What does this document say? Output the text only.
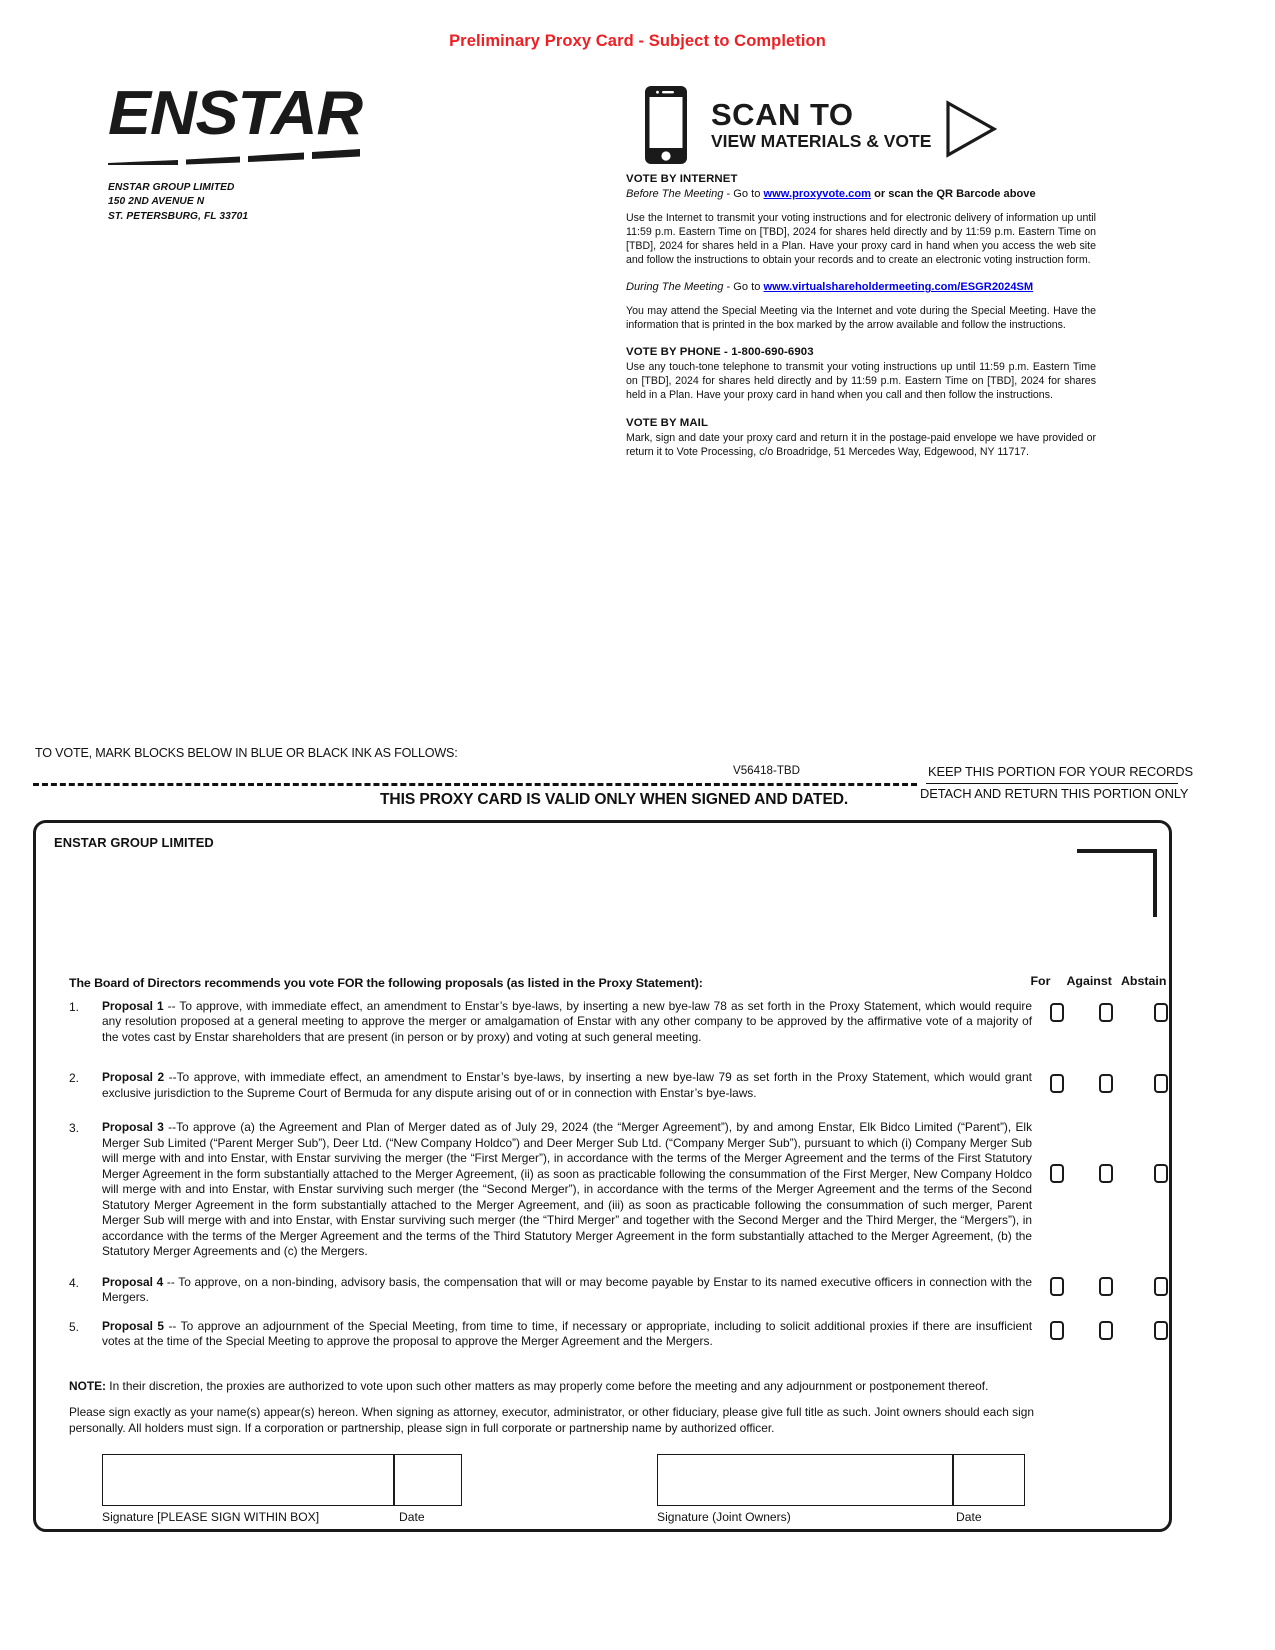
Preliminary Proxy Card - Subject to Completion
ENSTAR
ENSTAR GROUP LIMITED
150 2ND AVENUE N
ST. PETERSBURG, FL 33701
SCAN TO
VIEW MATERIALS & VOTE
VOTE BY INTERNET
Before The Meeting - Go to www.proxyvote.com or scan the QR Barcode above
Use the Internet to transmit your voting instructions and for electronic delivery of information up until 11:59 p.m. Eastern Time on [TBD], 2024 for shares held directly and by 11:59 p.m. Eastern Time on [TBD], 2024 for shares held in a Plan. Have your proxy card in hand when you access the web site and follow the instructions to obtain your records and to create an electronic voting instruction form.
During The Meeting - Go to www.virtualshareholdermeeting.com/ESGR2024SM
You may attend the Special Meeting via the Internet and vote during the Special Meeting. Have the information that is printed in the box marked by the arrow available and follow the instructions.
VOTE BY PHONE - 1-800-690-6903
Use any touch-tone telephone to transmit your voting instructions up until 11:59 p.m. Eastern Time on [TBD], 2024 for shares held directly and by 11:59 p.m. Eastern Time on [TBD], 2024 for shares held in a Plan. Have your proxy card in hand when you call and then follow the instructions.
VOTE BY MAIL
Mark, sign and date your proxy card and return it in the postage-paid envelope we have provided or return it to Vote Processing, c/o Broadridge, 51 Mercedes Way, Edgewood, NY 11717.
TO VOTE, MARK BLOCKS BELOW IN BLUE OR BLACK INK AS FOLLOWS:
V56418-TBD	KEEP THIS PORTION FOR YOUR RECORDS
DETACH AND RETURN THIS PORTION ONLY
THIS PROXY CARD IS VALID ONLY WHEN SIGNED AND DATED.
ENSTAR GROUP LIMITED
The Board of Directors recommends you vote FOR the following proposals (as listed in the Proxy Statement):	For	Against Abstain
1.	Proposal 1 -- To approve, with immediate effect, an amendment to Enstar’s bye-laws, by inserting a new bye-law 78 as set forth in the Proxy Statement, which would require any resolution proposed at a general meeting to approve the merger or amalgamation of Enstar with any other company to be approved by the affirmative vote of a majority of the votes cast by Enstar shareholders that are present (in person or by proxy) and voting at such general meeting.
2.	Proposal 2 --To approve, with immediate effect, an amendment to Enstar’s bye-laws, by inserting a new bye-law 79 as set forth in the Proxy Statement, which would grant exclusive jurisdiction to the Supreme Court of Bermuda for any dispute arising out of or in connection with Enstar’s bye-laws.
3.	Proposal 3 --To approve (a) the Agreement and Plan of Merger dated as of July 29, 2024 (the “Merger Agreement”), by and among Enstar, Elk Bidco Limited (“Parent”), Elk Merger Sub Limited (“Parent Merger Sub”), Deer Ltd. (“New Company Holdco”) and Deer Merger Sub Ltd. (“Company Merger Sub”), pursuant to which (i) Company Merger Sub will merge with and into Enstar, with Enstar surviving the merger (the “First Merger”), in accordance with the terms of the Merger Agreement and the terms of the First Statutory Merger Agreement in the form substantially attached to the Merger Agreement, (ii) as soon as practicable following the consummation of the First Merger, New Company Holdco will merge with and into Enstar, with Enstar surviving such merger (the “Second Merger”), in accordance with the terms of the Merger Agreement and the terms of the Second Statutory Merger Agreement in the form substantially attached to the Merger Agreement, and (iii) as soon as practicable following the consummation of such merger, Parent Merger Sub will merge with and into Enstar, with Enstar surviving such merger (the “Third Merger” and together with the Second Merger and the Third Merger, the “Mergers”), in accordance with the terms of the Merger Agreement and the terms of the Third Statutory Merger Agreement in the form substantially attached to the Merger Agreement, (b) the Statutory Merger Agreements and (c) the Mergers.
4.	Proposal 4 -- To approve, on a non-binding, advisory basis, the compensation that will or may become payable by Enstar to its named executive officers in connection with the Mergers.
5.	Proposal 5 -- To approve an adjournment of the Special Meeting, from time to time, if necessary or appropriate, including to solicit additional proxies if there are insufficient votes at the time of the Special Meeting to approve the proposal to approve the Merger Agreement and the Mergers.
NOTE: In their discretion, the proxies are authorized to vote upon such other matters as may properly come before the meeting and any adjournment or postponement thereof.
Please sign exactly as your name(s) appear(s) hereon. When signing as attorney, executor, administrator, or other fiduciary, please give full title as such. Joint owners should each sign personally. All holders must sign. If a corporation or partnership, please sign in full corporate or partnership name by authorized officer.
Signature [PLEASE SIGN WITHIN BOX]	Date	Signature (Joint Owners)	Date
